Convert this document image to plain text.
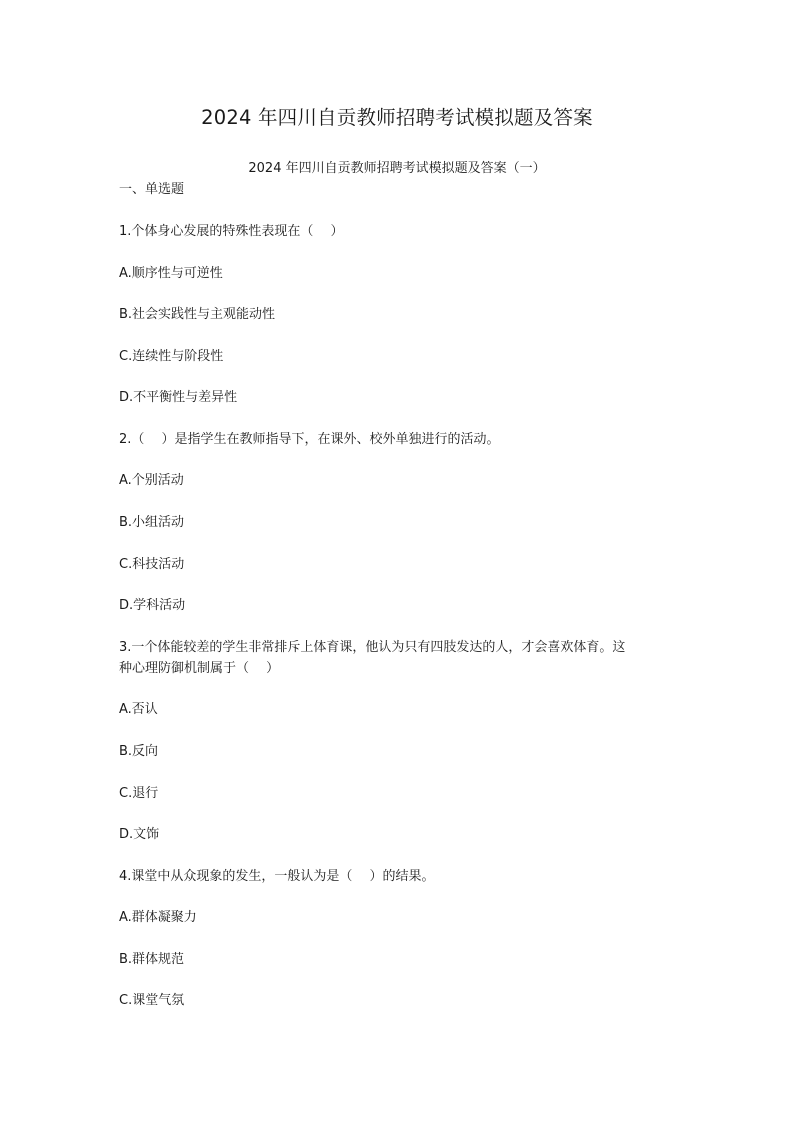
2024 年四川自贡教师招聘考试模拟题及答案
2024 年四川自贡教师招聘考试模拟题及答案（一）
一、单选题
1.个体身心发展的特殊性表现在（　 ）
A.顺序性与可逆性
B.社会实践性与主观能动性
C.连续性与阶段性
D.不平衡性与差异性
2.（　 ）是指学生在教师指导下，在课外、校外单独进行的活动。
A.个别活动
B.小组活动
C.科技活动
D.学科活动
3.一个体能较差的学生非常排斥上体育课，他认为只有四肢发达的人，才会喜欢体育。这
种心理防御机制属于（　 ）
A.否认
B.反向
C.退行
D.文饰
4.课堂中从众现象的发生，一般认为是（　 ）的结果。
A.群体凝聚力
B.群体规范
C.课堂气氛
